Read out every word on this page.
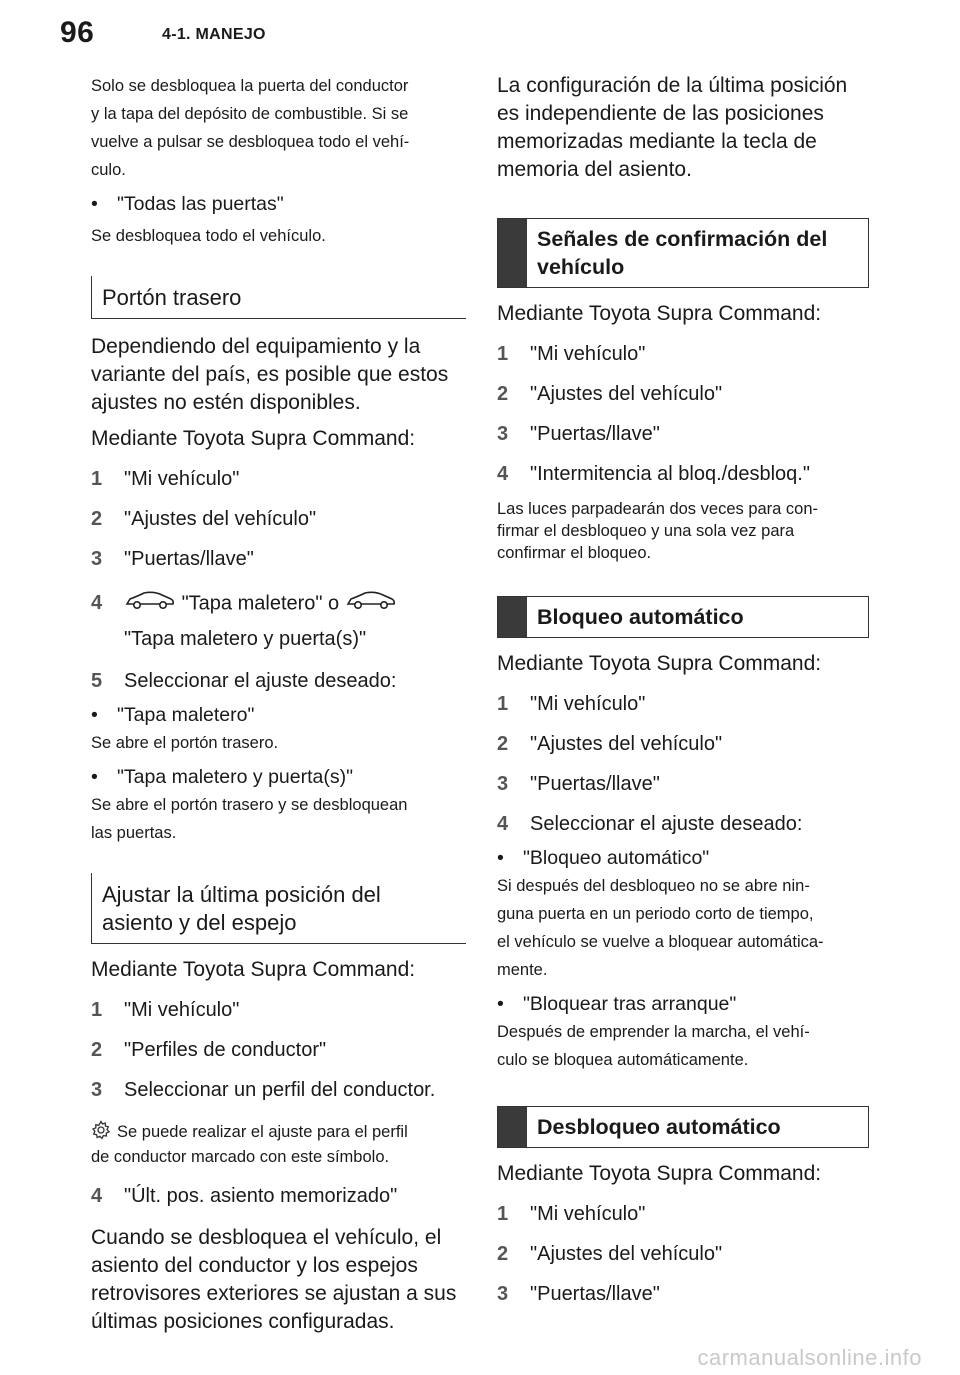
96	4-1. MANEJO

Solo se desbloquea la puerta del conductor

y la tapa del depósito de combustible. Si se

vuelve a pulsar se desbloquea todo el vehí-

culo.

• "Todas las puertas"

Se desbloquea todo el vehículo.

Portón trasero

Dependiendo del equipamiento y la

variante del país, es posible que estos

ajustes no estén disponibles.

Mediante Toyota Supra Command:

1	"Mi vehículo"
2	"Ajustes del vehículo"
3	"Puertas/llave"
4	"Tapa maletero" o
"Tapa maletero y puerta(s)"
5	Seleccionar el ajuste deseado:
• "Tapa maletero"

Se abre el portón trasero.

• "Tapa maletero y puerta(s)"

Se abre el portón trasero y se desbloquean

las puertas.

Ajustar la última posición del
asiento y del espejo

Mediante Toyota Supra Command:

1	"Mi vehículo"
2	"Perfiles de conductor"
3	Seleccionar un perfil del conductor.

Se puede realizar el ajuste para el perfil

de conductor marcado con este símbolo.

4	"Últ. pos. asiento memorizado"

Cuando se desbloquea el vehículo, el

asiento del conductor y los espejos

retrovisores exteriores se ajustan a sus

últimas posiciones configuradas.

La configuración de la última posición

es independiente de las posiciones

memorizadas mediante la tecla de

memoria del asiento.

Señales de confirmación del
vehículo

Mediante Toyota Supra Command:

1	"Mi vehículo"
2	"Ajustes del vehículo"
3	"Puertas/llave"
4	"Intermitencia al bloq./desbloq."

Las luces parpadearán dos veces para con-

firmar el desbloqueo y una sola vez para

confirmar el bloqueo.

Bloqueo automático

Mediante Toyota Supra Command:

1	"Mi vehículo"
2	"Ajustes del vehículo"
3	"Puertas/llave"
4	Seleccionar el ajuste deseado:
• "Bloqueo automático"

Si después del desbloqueo no se abre nin-

guna puerta en un periodo corto de tiempo,

el vehículo se vuelve a bloquear automática-

mente.

• "Bloquear tras arranque"

Después de emprender la marcha, el vehí-

culo se bloquea automáticamente.

Desbloqueo automático

Mediante Toyota Supra Command:

1	"Mi vehículo"
2	"Ajustes del vehículo"
3	"Puertas/llave"
carmanualsonline.info
